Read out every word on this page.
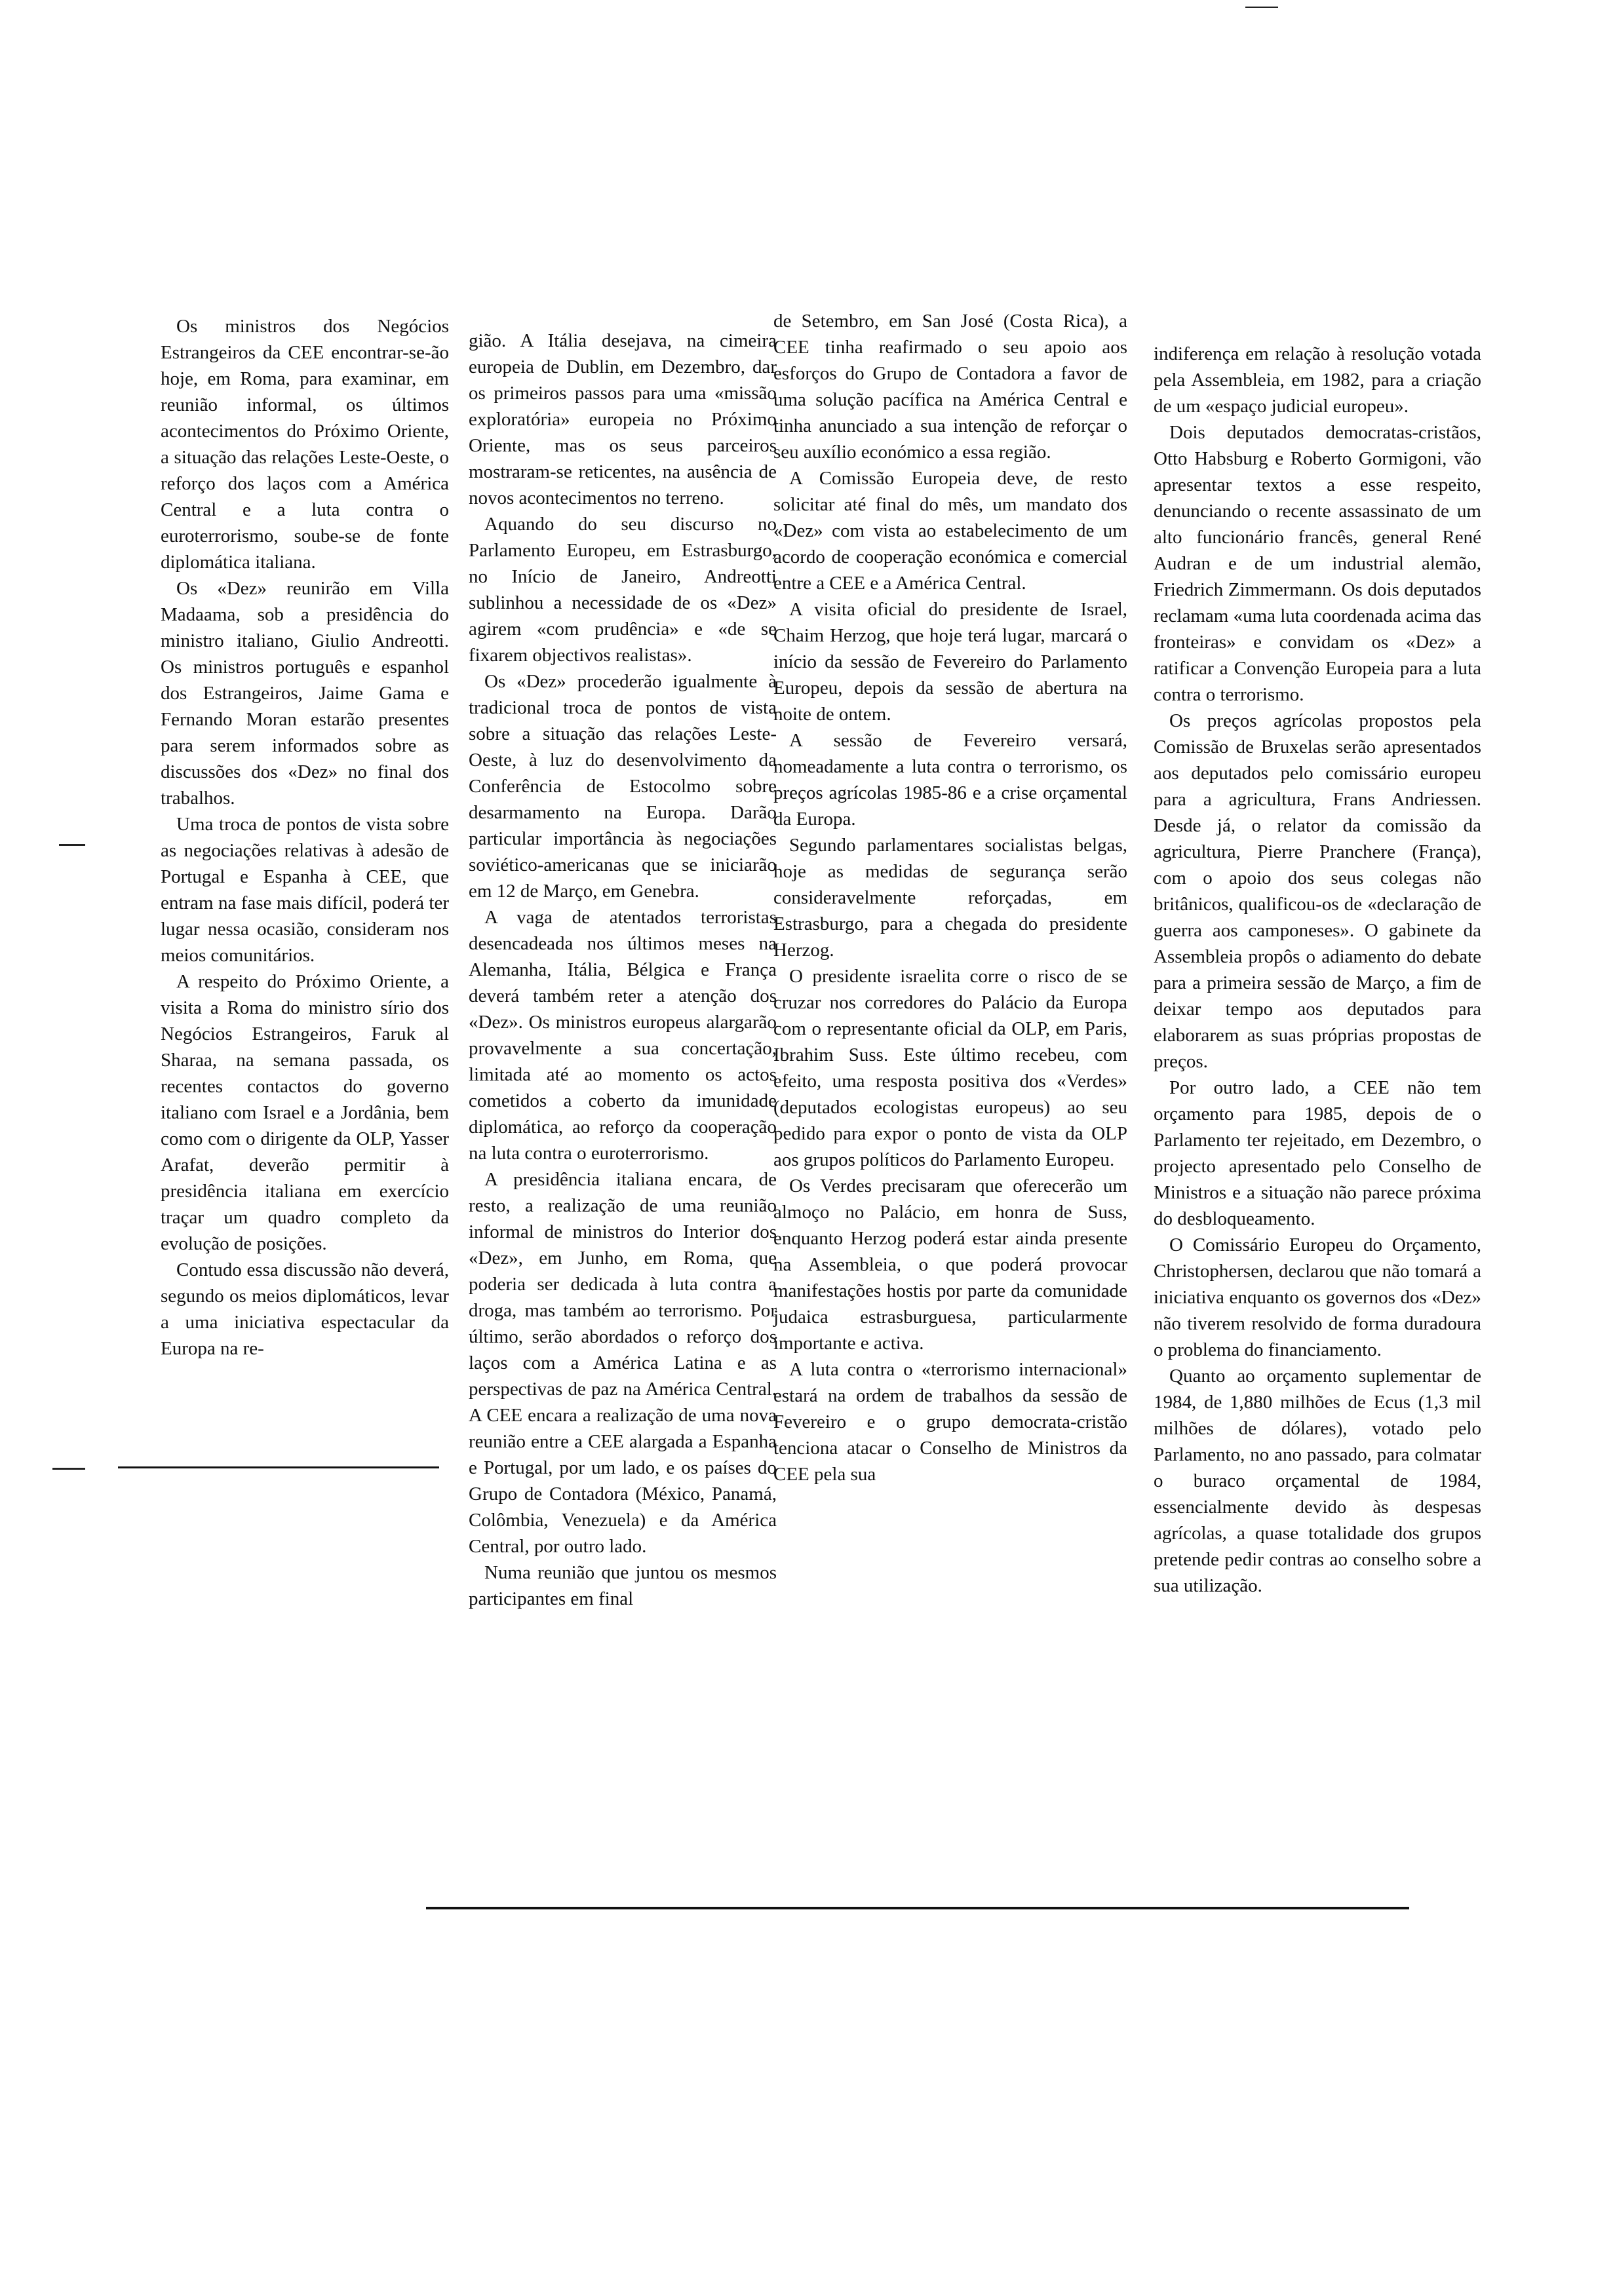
Os ministros dos Negócios Estrangeiros da CEE encontrar-se-ão hoje, em Roma, para examinar, em reunião informal, os últimos acontecimentos do Próximo Oriente, a situação das relações Leste-Oeste, o reforço dos laços com a América Central e a luta contra o euroterrorismo, soube-se de fonte diplomática italiana.

Os «Dez» reunirão em Villa Madaama, sob a presidência do ministro italiano, Giulio Andreotti. Os ministros português e espanhol dos Estrangeiros, Jaime Gama e Fernando Moran estarão presentes para serem informados sobre as discussões dos «Dez» no final dos trabalhos.

Uma troca de pontos de vista sobre as negociações relativas à adesão de Portugal e Espanha à CEE, que entram na fase mais difícil, poderá ter lugar nessa ocasião, consideram nos meios comunitários.

A respeito do Próximo Oriente, a visita a Roma do ministro sírio dos Negócios Estrangeiros, Faruk al Sharaa, na semana passada, os recentes contactos do governo italiano com Israel e a Jordânia, bem como com o dirigente da OLP, Yasser Arafat, deverão permitir à presidência italiana em exercício traçar um quadro completo da evolução de posições.

Contudo essa discussão não deverá, segundo os meios diplomáticos, levar a uma iniciativa espectacular da Europa na re-

gião. A Itália desejava, na cimeira europeia de Dublin, em Dezembro, dar os primeiros passos para uma «missão exploratória» europeia no Próximo Oriente, mas os seus parceiros mostraram-se reticentes, na ausência de novos acontecimentos no terreno.

Aquando do seu discurso no Parlamento Europeu, em Estrasburgo, no Início de Janeiro, Andreotti sublinhou a necessidade de os «Dez» agirem «com prudência» e «de se fixarem objectivos realistas».

Os «Dez» procederão igualmente à tradicional troca de pontos de vista sobre a situação das relações Leste-Oeste, à luz do desenvolvimento da Conferência de Estocolmo sobre desarmamento na Europa. Darão particular importância às negociações soviético-americanas que se iniciarão em 12 de Março, em Genebra.

A vaga de atentados terroristas desencadeada nos últimos meses na Alemanha, Itália, Bélgica e França deverá também reter a atenção dos «Dez». Os ministros europeus alargarão provavelmente a sua concertação, limitada até ao momento os actos cometidos a coberto da imunidade diplomática, ao reforço da cooperação na luta contra o euroterrorismo.

A presidência italiana encara, de resto, a realização de uma reunião informal de ministros do Interior dos «Dez», em Junho, em Roma, que poderia ser dedicada à luta contra a droga, mas também ao terrorismo. Por último, serão abordados o reforço dos laços com a América Latina e as perspectivas de paz na América Central. A CEE encara a realização de uma nova reunião entre a CEE alargada a Espanha e Portugal, por um lado, e os países do Grupo de Contadora (México, Panamá, Colômbia, Venezuela) e da América Central, por outro lado.

Numa reunião que juntou os mesmos participantes em final

de Setembro, em San José (Costa Rica), a CEE tinha reafirmado o seu apoio aos esforços do Grupo de Contadora a favor de uma solução pacífica na América Central e tinha anunciado a sua intenção de reforçar o seu auxílio económico a essa região.

A Comissão Europeia deve, de resto solicitar até final do mês, um mandato dos «Dez» com vista ao estabelecimento de um acordo de cooperação económica e comercial entre a CEE e a América Central.

A visita oficial do presidente de Israel, Chaim Herzog, que hoje terá lugar, marcará o início da sessão de Fevereiro do Parlamento Europeu, depois da sessão de abertura na noite de ontem.

A sessão de Fevereiro versará, nomeadamente a luta contra o terrorismo, os preços agrícolas 1985-86 e a crise orçamental da Europa.

Segundo parlamentares socialistas belgas, hoje as medidas de segurança serão consideravelmente reforçadas, em Estrasburgo, para a chegada do presidente Herzog.

O presidente israelita corre o risco de se cruzar nos corredores do Palácio da Europa com o representante oficial da OLP, em Paris, Ibrahim Suss. Este último recebeu, com efeito, uma resposta positiva dos «Verdes» (deputados ecologistas europeus) ao seu pedido para expor o ponto de vista da OLP aos grupos políticos do Parlamento Europeu.

Os Verdes precisaram que oferecerão um almoço no Palácio, em honra de Suss, enquanto Herzog poderá estar ainda presente na Assembleia, o que poderá provocar manifestações hostis por parte da comunidade judaica estrasburguesa, particularmente importante e activa.

A luta contra o «terrorismo internacional» estará na ordem de trabalhos da sessão de Fevereiro e o grupo democrata-cristão tenciona atacar o Conselho de Ministros da CEE pela sua

indiferença em relação à resolução votada pela Assembleia, em 1982, para a criação de um «espaço judicial europeu».

Dois deputados democratas-cristãos, Otto Habsburg e Roberto Gormigoni, vão apresentar textos a esse respeito, denunciando o recente assassinato de um alto funcionário francês, general René Audran e de um industrial alemão, Friedrich Zimmermann. Os dois deputados reclamam «uma luta coordenada acima das fronteiras» e convidam os «Dez» a ratificar a Convenção Europeia para a luta contra o terrorismo.

Os preços agrícolas propostos pela Comissão de Bruxelas serão apresentados aos deputados pelo comissário europeu para a agricultura, Frans Andriessen. Desde já, o relator da comissão da agricultura, Pierre Pranchere (França), com o apoio dos seus colegas não britânicos, qualificou-os de «declaração de guerra aos camponeses». O gabinete da Assembleia propôs o adiamento do debate para a primeira sessão de Março, a fim de deixar tempo aos deputados para elaborarem as suas próprias propostas de preços.

Por outro lado, a CEE não tem orçamento para 1985, depois de o Parlamento ter rejeitado, em Dezembro, o projecto apresentado pelo Conselho de Ministros e a situação não parece próxima do desbloqueamento.

O Comissário Europeu do Orçamento, Christophersen, declarou que não tomará a iniciativa enquanto os governos dos «Dez» não tiverem resolvido de forma duradoura o problema do financiamento.

Quanto ao orçamento suplementar de 1984, de 1,880 milhões de Ecus (1,3 mil milhões de dólares), votado pelo Parlamento, no ano passado, para colmatar o buraco orçamental de 1984, essencialmente devido às despesas agrícolas, a quase totalidade dos grupos pretende pedir contras ao conselho sobre a sua utilização.
